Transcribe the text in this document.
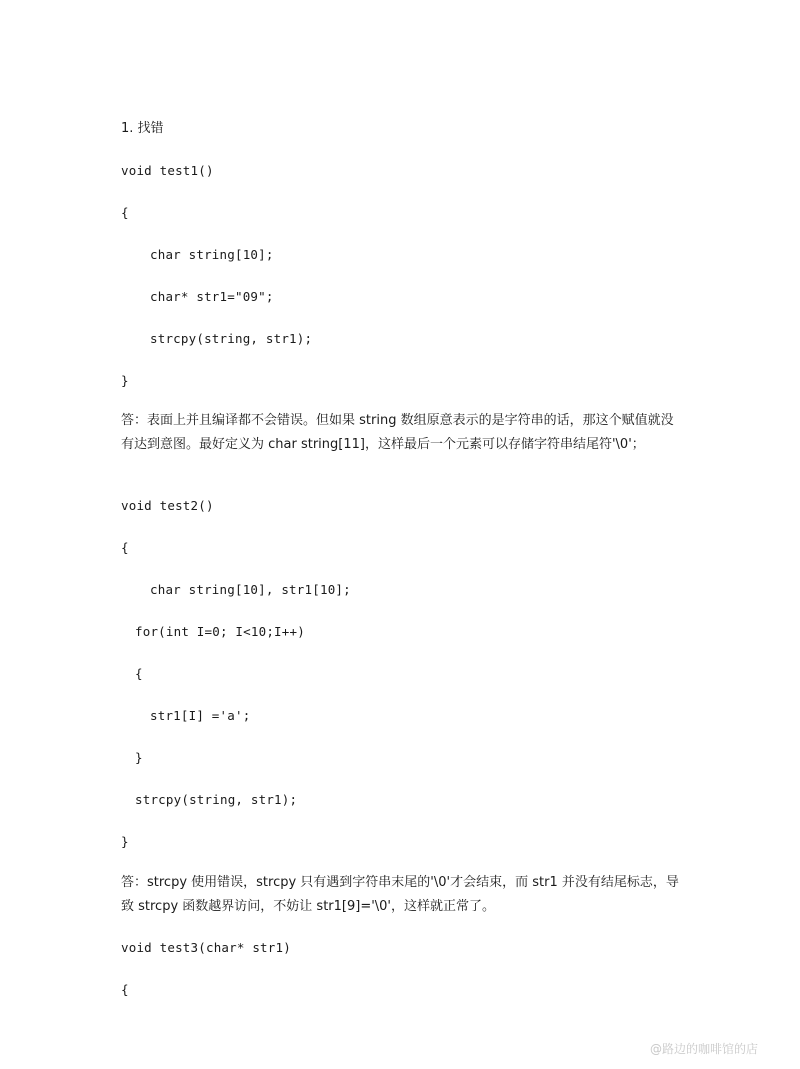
1. 找错
void test1()
{
char string[10];
char* str1="09";
strcpy(string, str1);
}
答：表面上并且编译都不会错误。但如果 string 数组原意表示的是字符串的话，那这个赋值就没有达到意图。最好定义为 char string[11]，这样最后一个元素可以存储字符串结尾符'\0'；
void test2()
{
char string[10], str1[10];
for(int I=0; I<10;I++)
{
str1[I] ='a';
}
strcpy(string, str1);
}
答：strcpy 使用错误，strcpy 只有遇到字符串末尾的'\0'才会结束，而 str1 并没有结尾标志，导致 strcpy 函数越界访问，不妨让 str1[9]='\0'，这样就正常了。
void test3(char* str1)
{
@路边的咖啡馆的店
